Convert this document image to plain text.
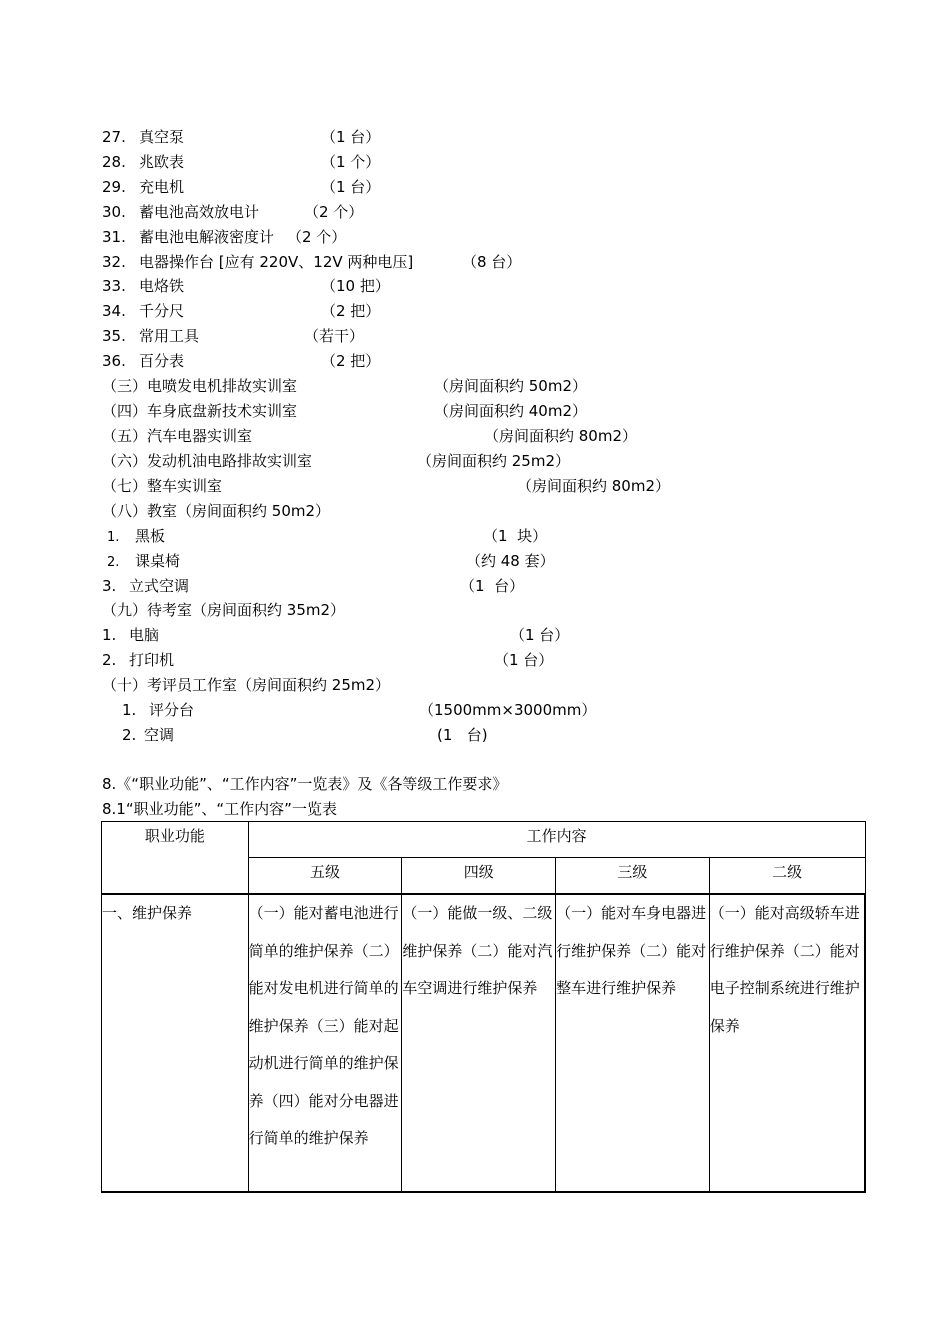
27. 真空泵	（1 台）
28. 兆欧表	（1 个）
29. 充电机	（1 台）
30. 蓄电池高效放电计	（2 个）
31. 蓄电池电解液密度计 （2 个）
32. 电器操作台 [应有 220V、12V 两种电压]	（8 台）
33. 电烙铁	（10 把）
34. 千分尺	（2 把）
35. 常用工具	（若干）
36. 百分表	（2 把）
（三）电喷发电机排故实训室	（房间面积约 50m2）
（四）车身底盘新技术实训室	（房间面积约 40m2）
（五）汽车电器实训室	（房间面积约 80m2）
（六）发动机油电路排故实训室	（房间面积约 25m2）
（七）整车实训室	（房间面积约 80m2）
（八）教室（房间面积约 50m2）
1. 黑板	（1  块）
2. 课桌椅	（约 48 套）
3. 立式空调	（1  台）
（九）待考室（房间面积约 35m2）
1. 电脑	（1 台）
2. 打印机	（1 台）
（十）考评员工作室（房间面积约 25m2）
1. 评分台	（1500mm×3000mm）
2. 空调	(1   台)
8.《“职业功能”、“工作内容”一览表》及《各等级工作要求》
8.1“职业功能”、“工作内容”一览表
职业功能	工作内容			
	五级	四级	三级	二级
一、维护保养	（一）能对蓄电池进行简单的维护保养（二）能对发电机进行简单的维护保养（三）能对起动机进行简单的维护保养（四）能对分电器进行简单的维护保养	（一）能做一级、二级维护保养（二）能对汽车空调进行维护保养	（一）能对车身电器进行维护保养（二）能对整车进行维护保养	（一）能对高级轿车进行维护保养（二）能对电子控制系统进行维护保养
